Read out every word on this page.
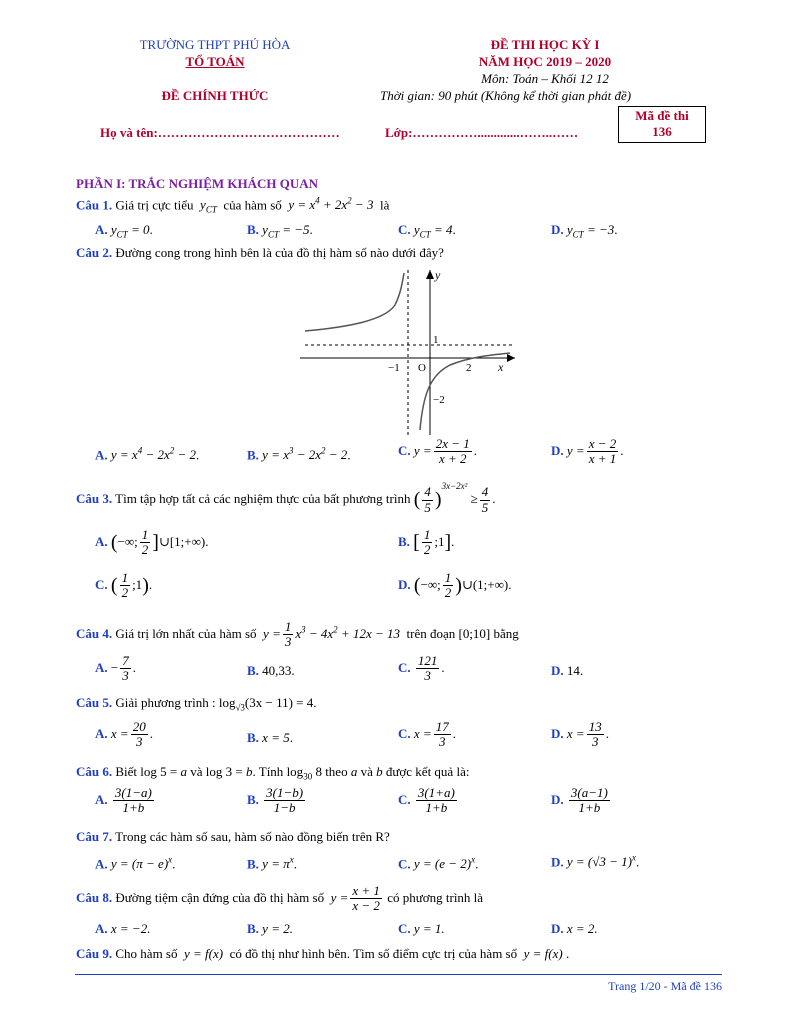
TRƯỜNG THPT PHÚ HÒA
TỔ TOÁN
ĐỀ CHÍNH THỨC
ĐỀ THI HỌC KỲ I
NĂM HỌC 2019 – 2020
Môn: Toán – Khối 12 12
Thời gian: 90 phút (Không kể thời gian phát đề)
Họ và tên:……………………………………	Lớp:…………….............……..……
Mã đề thi
136
PHẦN I: TRẮC NGHIỆM KHÁCH QUAN
Câu 1. Giá trị cực tiểu  $y_{CT}$ của hàm số  $y = x^4 + 2x^2 - 3$ là
A. $y_{CT} = 0$.	B. $y_{CT} = -5$.	C. $y_{CT} = 4$.	D. $y_{CT} = -3$.
Câu 2. Đường cong trong hình bên là của đồ thị hàm số nào dưới đây?
y
x
1
−1 O	2
−2
A. $y = x^4 - 2x^2 - 2$.	B. $y = x^3 - 2x^2 - 2$.	C. $y = \frac{2x - 1}{x + 2}$ .	D. $y = \frac{x - 2}{x + 1}$ .
Câu 3. Tìm tập hợp tất cả các nghiệm thực của bất phương trình ( $\frac{4}{5} )^{3x-2x^2} \ge \frac{4}{5}$ .
A. (−∞; $\frac{1}{2}$ ]∪[1;+∞).	B. [ $\frac{1}{2}$ ;1].
C. ( $\frac{1}{2}$ ;1).	D. (−∞; $\frac{1}{2}$ )∪(1;+∞).
Câu 4. Giá trị lớn nhất của hàm số  $y = \frac{1}{3} x^3 - 4x^2 + 12x - 13$ trên đoạn [0;10] bằng
A. − $\frac{7}{3}$ .	B. 40,33.	C. $\frac{121}{3}$ .	D. 14.
Câu 5. Giải phương trình : $\log_{√3}(3x - 11) = 4$.
A. $x = \frac{20}{3}$ .	B. x = 5.	C. $x = \frac{17}{3}$ .	D. $x = \frac{13}{3}$ .
Câu 6. Biết log 5 = a và log 3 = b. Tính $\log_{30} 8$ theo a và b được kết quả là:
A. $\frac{3(1-a)}{1+b}$	B. $\frac{3(1-b)}{1-b}$	C. $\frac{3(1+a)}{1+b}$	D. $\frac{3(a-1)}{1+b}$
Câu 7. Trong các hàm số sau, hàm số nào đồng biến trên R?
A. $y = (\pi - e)^x$.	B. $y = \pi^x$.	C. $y = (e - 2)^x$.	D. $y = (√3 - 1)^x$.
Câu 8. Đường tiệm cận đứng của đồ thị hàm số  $y = \frac{x + 1}{x - 2}$ có phương trình là
A. x = −2.	B. y = 2.	C. y = 1.	D. x = 2.
Câu 9. Cho hàm số  y = f(x) có đồ thị như hình bên. Tìm số điểm cực trị của hàm số  y = f(x) .
Trang 1/20 - Mã đề 136
